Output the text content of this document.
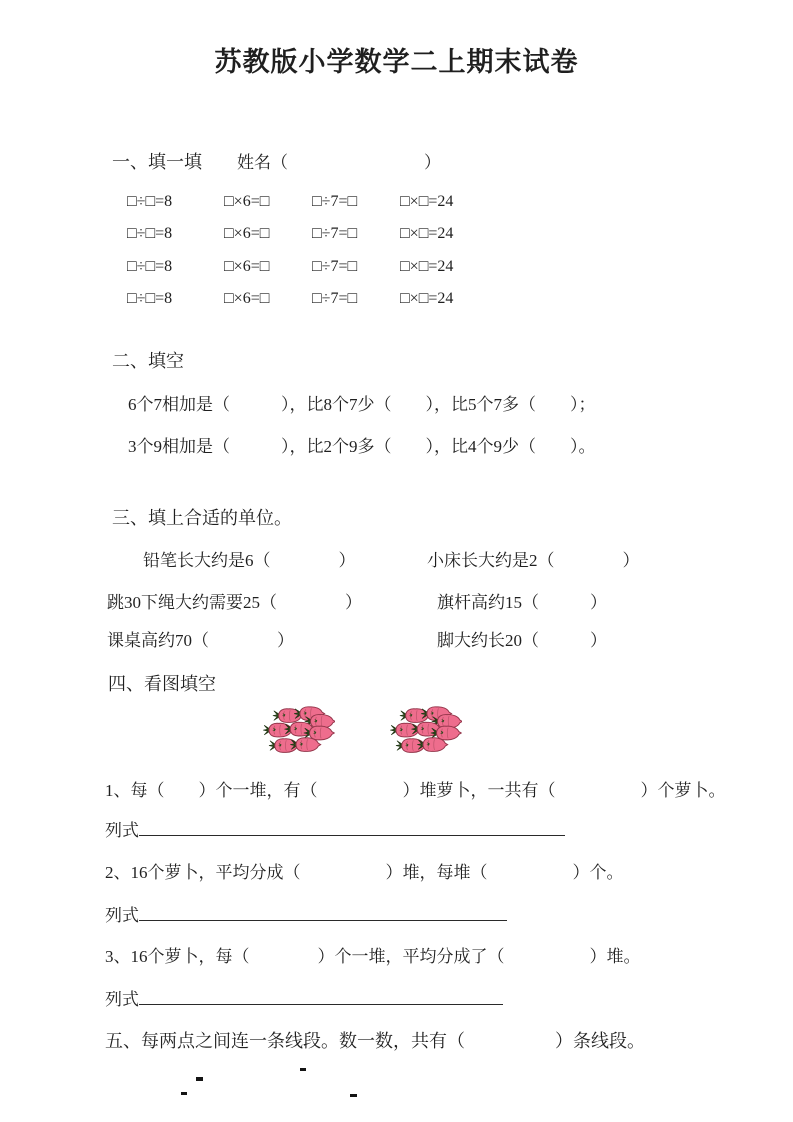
苏教版小学数学二上期末试卷
一、填一填 姓名（　　　　　　　　）
□÷□=8	□×6=□	□÷7=□	□×□=24
□÷□=8	□×6=□	□÷7=□	□×□=24
□÷□=8	□×6=□	□÷7=□	□×□=24
□÷□=8	□×6=□	□÷7=□	□×□=24
二、填空
6个7相加是（　　　），比8个7少（　　），比5个7多（　　）；
3个9相加是（　　　），比2个9多（　　），比4个9少（　　）。
三、填上合适的单位。
铅笔长大约是6（　　　　）	小床长大约是2（　　　　）
跳30下绳大约需要25（　　　　）	旗杆高约15（　　　）
课桌高约70（　　　　）	脚大约长20（　　　）
四、看图填空
1、每（　　）个一堆，有（　　　　　）堆萝卜，一共有（　　　　　）个萝卜。
列式
2、16个萝卜，平均分成（　　　　　）堆，每堆（　　　　　）个。
列式
3、16个萝卜，每（　　　　）个一堆，平均分成了（　　　　　）堆。
列式
五、每两点之间连一条线段。数一数，共有（　　　　　）条线段。
